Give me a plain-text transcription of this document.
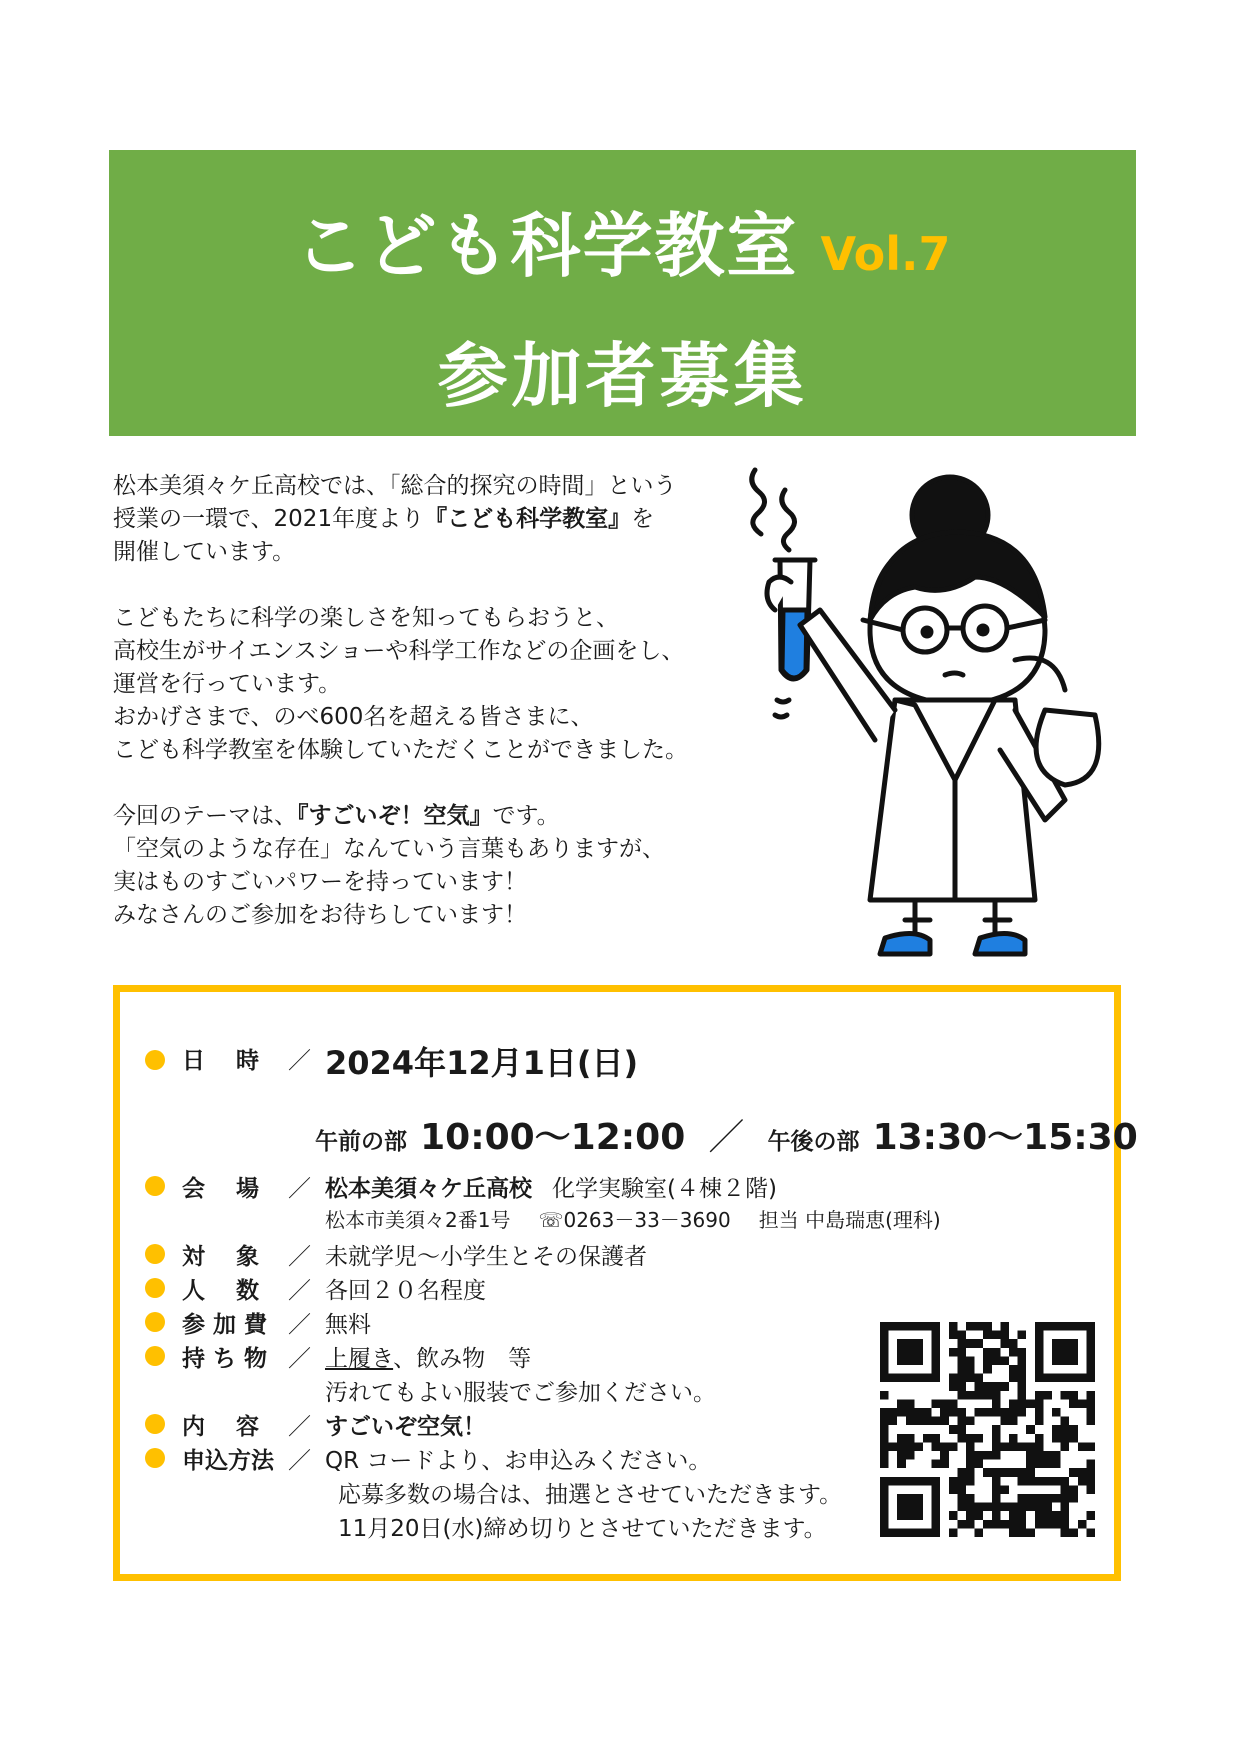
こども科学教室 Vol.7
参加者募集

松本美須々ケ丘高校では、「総合的探究の時間」という

授業の一環で、2021年度より『こども科学教室』を

開催しています。

こどもたちに科学の楽しさを知ってもらおうと、

高校生がサイエンスショーや科学工作などの企画をし、

運営を行っています。

おかげさまで、のべ600名を超える皆さまに、

こども科学教室を体験していただくことができました。

今回のテーマは、『すごいぞ！空気』です。

「空気のような存在」なんていう言葉もありますが、

実はものすごいパワーを持っています！

みなさんのご参加をお待ちしています！

日　 時	／ 2024年12月1日(日)
午前の部 10:00～12:00 ／ 午後の部 13:30～15:30
会　 場	／ 松本美須々ケ丘高校 化学実験室(４棟２階)
松本市美須々2番1号 ☏0263－33－3690 担当 中島瑞恵(理科)
対　 象	／ 未就学児～小学生とその保護者
人　 数	／ 各回２０名程度
参 加 費 ／ 無料
持 ち 物 ／ 上履き、飲み物　等
汚れてもよい服装でご参加ください。
内　 容	／ すごいぞ空気！
申込方法 ／ QR コードより、お申込みください。
応募多数の場合は、抽選とさせていただきます。
11月20日(水)締め切りとさせていただきます。
